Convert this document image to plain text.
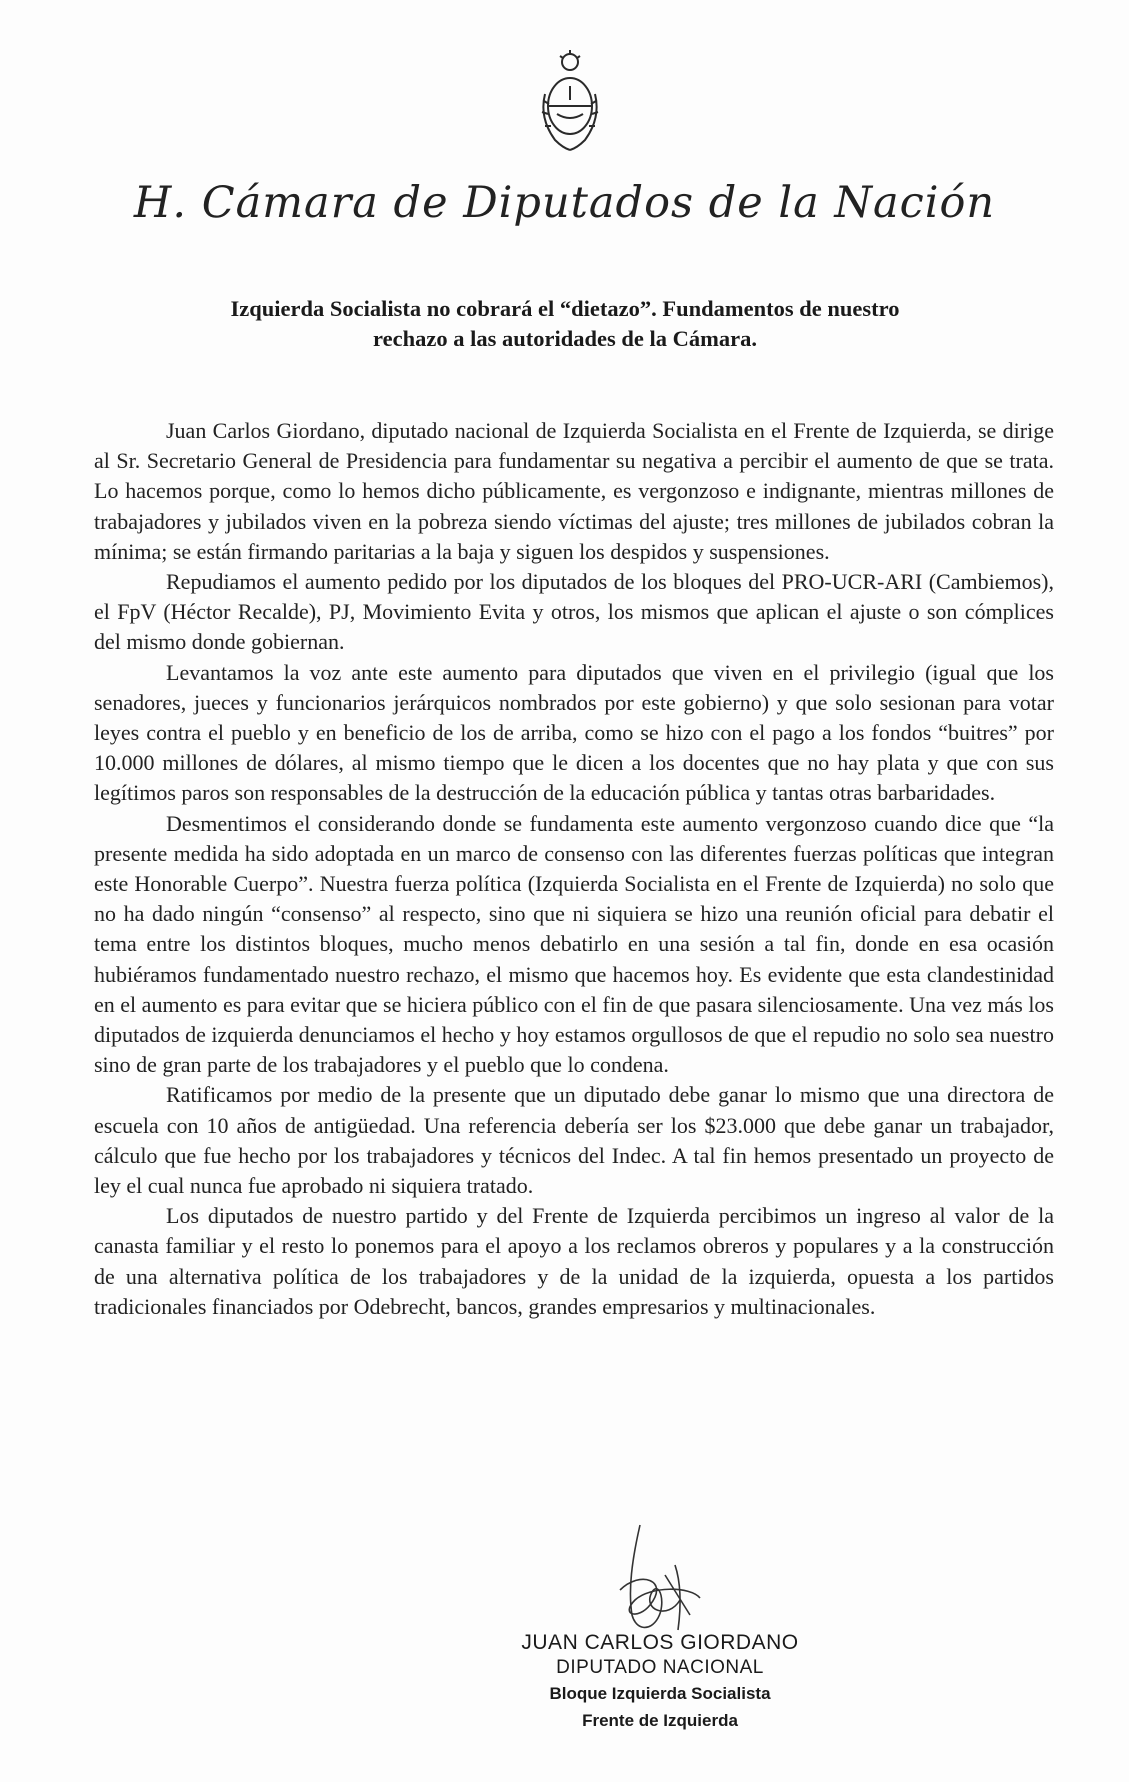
H. Cámara de Diputados de la Nación
Izquierda Socialista no cobrará el “dietazo”. Fundamentos de nuestro
rechazo a las autoridades de la Cámara.

Juan Carlos Giordano, diputado nacional de Izquierda Socialista en el Frente de Izquierda, se dirige al Sr. Secretario General de Presidencia para fundamentar su negativa a percibir el aumento de que se trata. Lo hacemos porque, como lo hemos dicho públicamente, es vergonzoso e indignante, mientras millones de trabajadores y jubilados viven en la pobreza siendo víctimas del ajuste; tres millones de jubilados cobran la mínima; se están firmando paritarias a la baja y siguen los despidos y suspensiones.

Repudiamos el aumento pedido por los diputados de los bloques del PRO-UCR-ARI (Cambiemos), el FpV (Héctor Recalde), PJ, Movimiento Evita y otros, los mismos que aplican el ajuste o son cómplices del mismo donde gobiernan.

Levantamos la voz ante este aumento para diputados que viven en el privilegio (igual que los senadores, jueces y funcionarios jerárquicos nombrados por este gobierno) y que solo sesionan para votar leyes contra el pueblo y en beneficio de los de arriba, como se hizo con el pago a los fondos “buitres” por 10.000 millones de dólares, al mismo tiempo que le dicen a los docentes que no hay plata y que con sus legítimos paros son responsables de la destrucción de la educación pública y tantas otras barbaridades.

Desmentimos el considerando donde se fundamenta este aumento vergonzoso cuando dice que “la presente medida ha sido adoptada en un marco de consenso con las diferentes fuerzas políticas que integran este Honorable Cuerpo”. Nuestra fuerza política (Izquierda Socialista en el Frente de Izquierda) no solo que no ha dado ningún “consenso” al respecto, sino que ni siquiera se hizo una reunión oficial para debatir el tema entre los distintos bloques, mucho menos debatirlo en una sesión a tal fin, donde en esa ocasión hubiéramos fundamentado nuestro rechazo, el mismo que hacemos hoy. Es evidente que esta clandestinidad en el aumento es para evitar que se hiciera público con el fin de que pasara silenciosamente. Una vez más los diputados de izquierda denunciamos el hecho y hoy estamos orgullosos de que el repudio no solo sea nuestro sino de gran parte de los trabajadores y el pueblo que lo condena.

Ratificamos por medio de la presente que un diputado debe ganar lo mismo que una directora de escuela con 10 años de antigüedad. Una referencia debería ser los $23.000 que debe ganar un trabajador, cálculo que fue hecho por los trabajadores y técnicos del Indec. A tal fin hemos presentado un proyecto de ley el cual nunca fue aprobado ni siquiera tratado.

Los diputados de nuestro partido y del Frente de Izquierda percibimos un ingreso al valor de la canasta familiar y el resto lo ponemos para el apoyo a los reclamos obreros y populares y a la construcción de una alternativa política de los trabajadores y de la unidad de la izquierda, opuesta a los partidos tradicionales financiados por Odebrecht, bancos, grandes empresarios y multinacionales.

JUAN CARLOS GIORDANO
DIPUTADO NACIONAL
Bloque Izquierda Socialista
Frente de Izquierda
